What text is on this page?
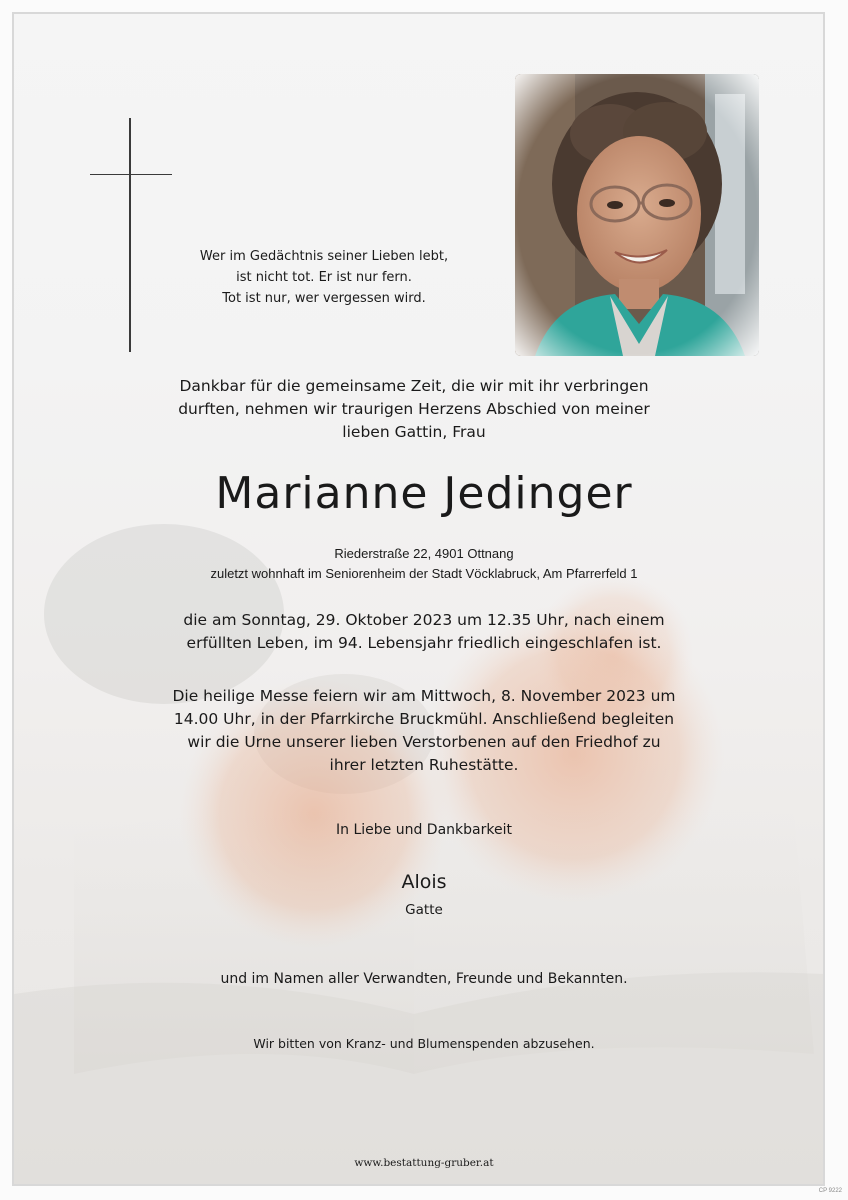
Wer im Gedächtnis seiner Lieben lebt,
ist nicht tot. Er ist nur fern.
Tot ist nur, wer vergessen wird.
Dankbar für die gemeinsame Zeit, die wir mit ihr verbringen
durften, nehmen wir traurigen Herzens Abschied von meiner
lieben Gattin, Frau
Marianne Jedinger
Riederstraße 22, 4901 Ottnang
zuletzt wohnhaft im Seniorenheim der Stadt Vöcklabruck, Am Pfarrerfeld 1
die am Sonntag, 29. Oktober 2023 um 12.35 Uhr, nach einem
erfüllten Leben, im 94. Lebensjahr friedlich eingeschlafen ist.
Die heilige Messe feiern wir am Mittwoch, 8. November 2023 um
14.00 Uhr, in der Pfarrkirche Bruckmühl. Anschließend begleiten
wir die Urne unserer lieben Verstorbenen auf den Friedhof zu
ihrer letzten Ruhestätte.
In Liebe und Dankbarkeit
Alois
Gatte
und im Namen aller Verwandten, Freunde und Bekannten.
Wir bitten von Kranz- und Blumenspenden abzusehen.
www.bestattung-gruber.at
CP 9222
